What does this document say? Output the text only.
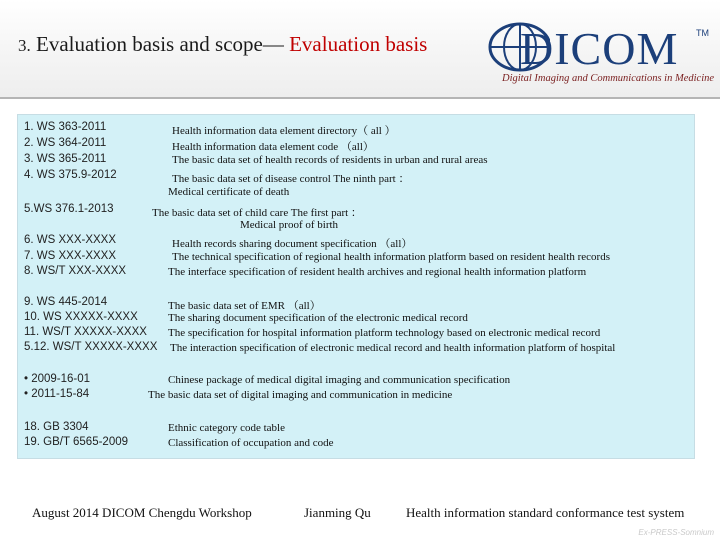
3. Evaluation basis and scope— Evaluation basis DICOM TM
Digital Imaging and Communications in Medicine
1. WS 363-2011	Health information data element directory（ all ）
2. WS 364-2011	Health information data element code （all）
3. WS 365-2011	The basic data set of health records of residents in urban and rural areas
4. WS 375.9-2012	The basic data set of disease control The ninth part ：
Medical certificate of death
5.WS 376.1-2013	The basic data set of child care The first part ：
Medical proof of birth
6. WS XXX-XXXX	Health records sharing document specification （all）
7. WS XXX-XXXX	The technical specification of regional health information platform based on resident health records
8. WS/T XXX-XXXX	The interface specification of resident health archives and regional health information platform
9. WS 445-2014	The basic data set of EMR （all）
10. WS XXXXX-XXXX	The sharing document specification of the electronic medical record
11. WS/T XXXXX-XXXX The specification for hospital information platform technology based on electronic medical record
5.12. WS/T XXXXX-XXXX The interaction specification of electronic medical record and health information platform of hospital
• 2009-16-01	Chinese package of medical digital imaging and communication specification
• 2011-15-84	The basic data set of digital imaging and communication in medicine
18. GB 3304	Ethnic category code table
19. GB/T 6565-2009	Classification of occupation and code
August 2014 DICOM Chengdu Workshop	Jianming Qu	Health information standard conformance test system
Ex-PRESS-Somnium
